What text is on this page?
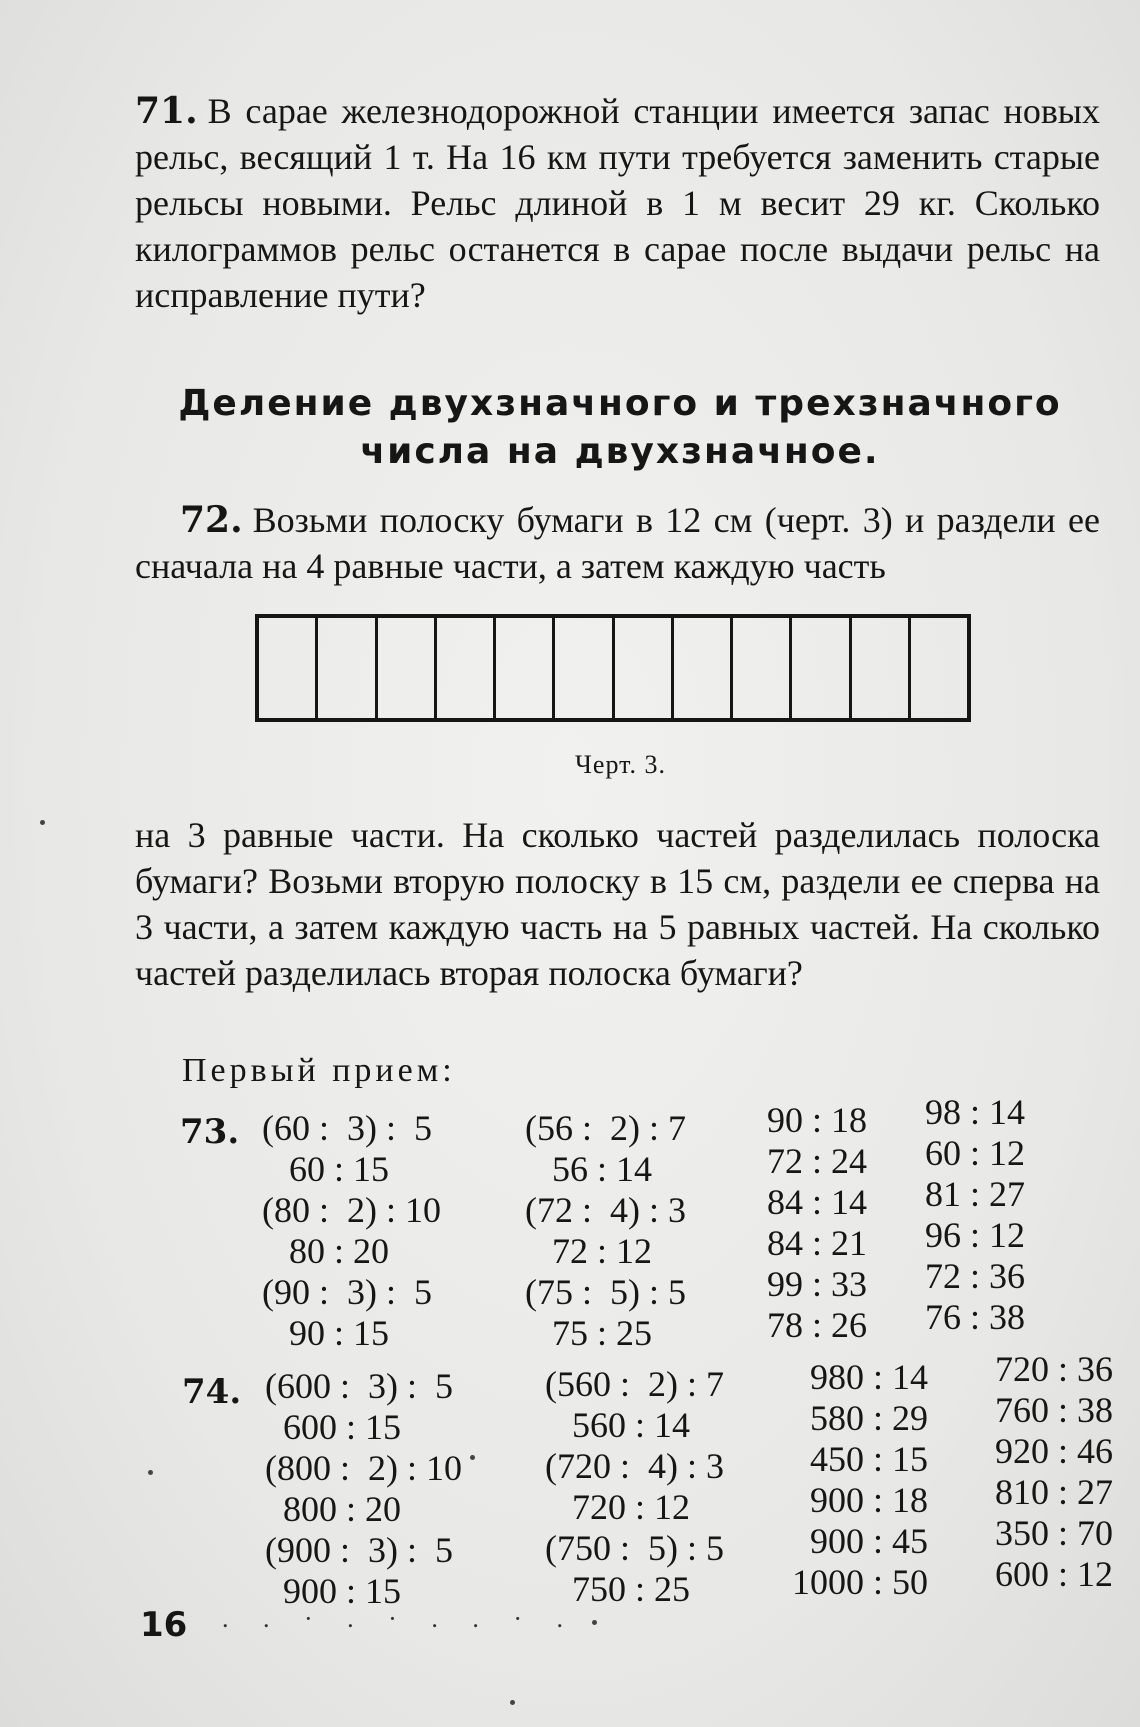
71. В сарае железнодорожной станции имеется запас новых рельс, весящий 1 т. На 16 км пути требуется заменить старые рельсы новыми. Рельс длиной в 1 м весит 29 кг. Сколько килограммов рельс останется в сарае после выдачи рельс на исправление пути?

Деление двухзначного и трехзначного
числа на двухзначное.

72. Возьми полоску бумаги в 12 см (черт. 3) и раздели ее сначала на 4 равные части, а затем каждую часть

Черт. 3.

на 3 равные части. На сколько частей разделилась полоска бумаги? Возьми вторую полоску в 15 см, раздели ее сперва на 3 части, а затем каждую часть на 5 равных частей. На сколько частей разделилась вторая полоска бумаги?

Первый прием:
73. (60 :  3) :  5
60 : 15
(80 :  2) : 10
80 : 20
(90 :  3) :  5
90 : 15
(56 :  2) : 7
56 : 14
(72 :  4) : 3
72 : 12
(75 :  5) : 5
75 : 25
90 : 18
72 : 24
84 : 14
84 : 21
99 : 33
78 : 26
98 : 14
60 : 12
81 : 27
96 : 12
72 : 36
76 : 38
74. (600 :  3) :  5
600 : 15
(800 :  2) : 10
800 : 20
(900 :  3) :  5
900 : 15
(560 :  2) : 7
560 : 14
(720 :  4) : 3
720 : 12
(750 :  5) : 5
750 : 25
980 : 14
580 : 29
450 : 15
900 : 18
900 : 45
1000 : 50
720 : 36
760 : 38
920 : 46
810 : 27
350 : 70
600 : 12
16 . . · . · . . · .
